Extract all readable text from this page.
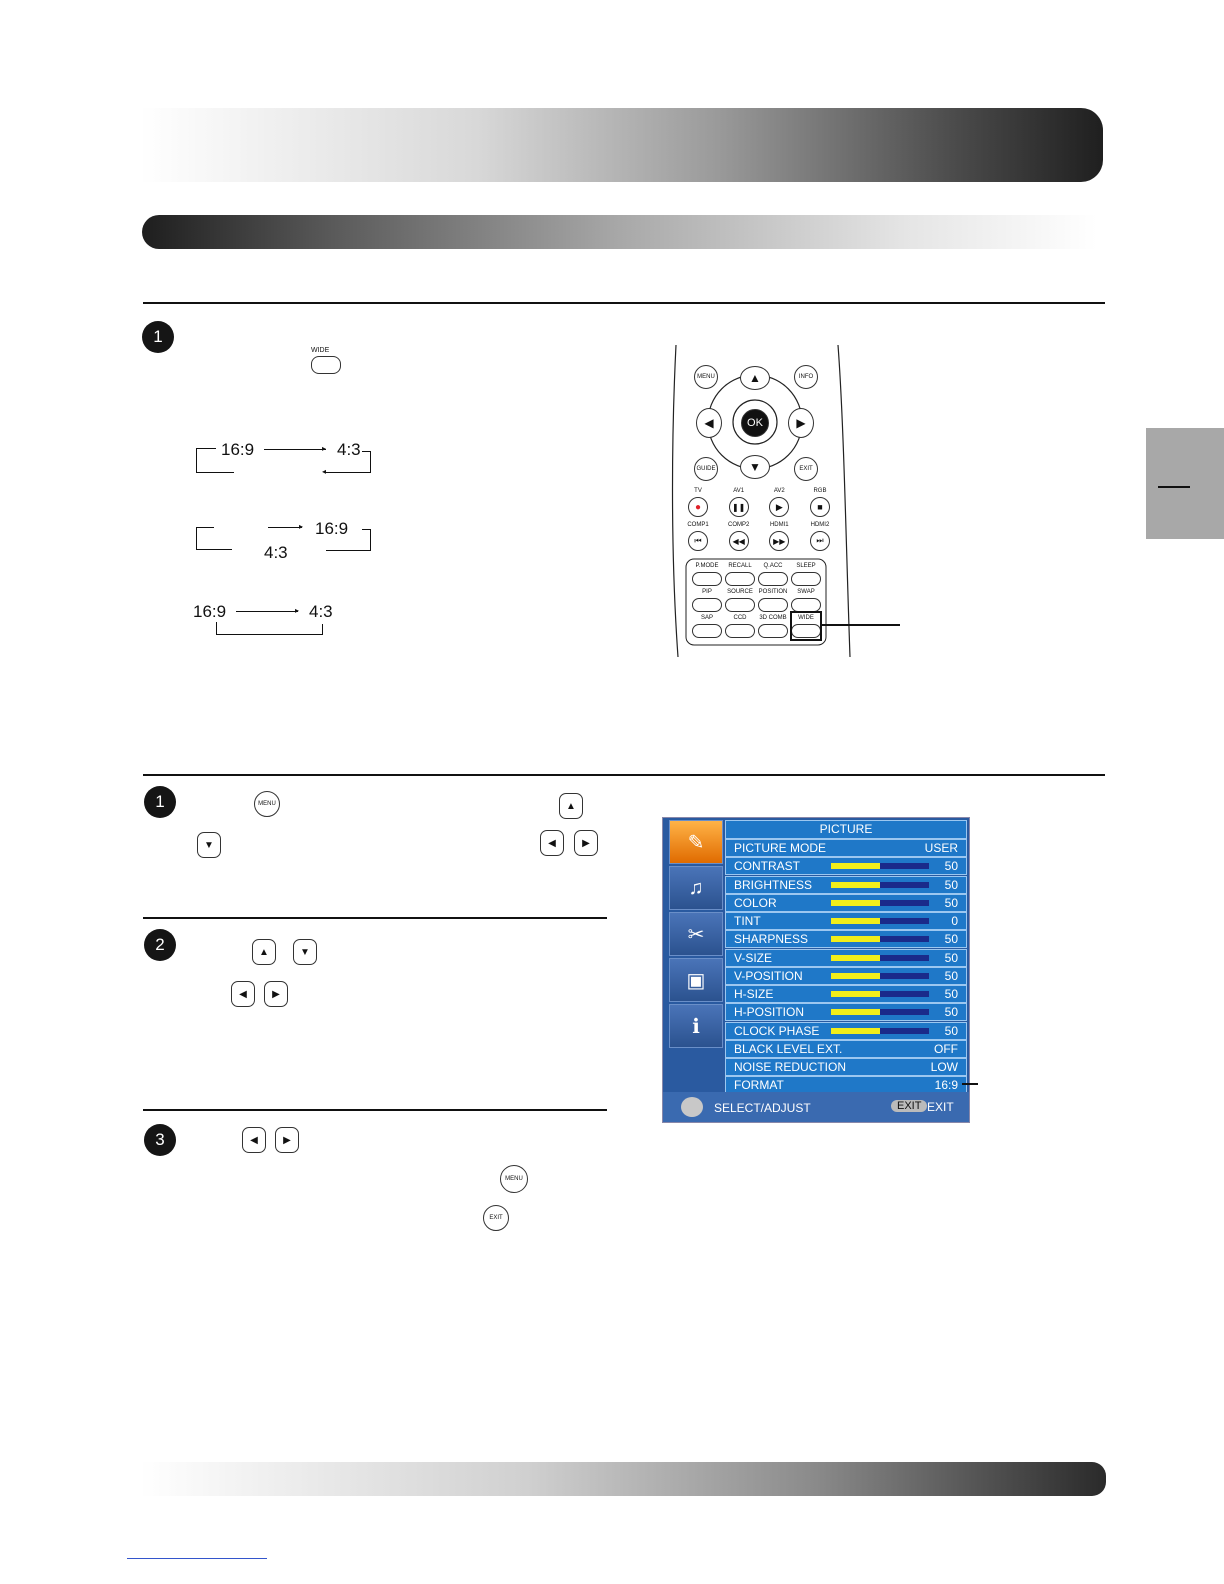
1
WIDE
16:9	▸ 4:3
◂
▸ 16:9
4:3
16:9	▸ 4:3
MENU	INFO
▲
▼
◀	▶
OK
GUIDE	EXIT
TV	AV1	AV2	RGB
●	❚❚	▶	■
COMP1	COMP2	HDMI1	HDMI2
⏮	◀◀	▶▶	⏭
P.MODE	RECALL	Q.ACC	SLEEP
PIP	SOURCE POSITION	SWAP
SAP	CCD	3D COMB	WIDE
1	MENU	▲
▼	◀	▶
2	▲	▼
◀	▶
3	◀	▶
MENU
EXIT
✎
♫
✂
▣
ℹ
PICTURE
PICTURE MODE	USER
CONTRAST	50
BRIGHTNESS	50
COLOR	50
TINT	0
SHARPNESS	50
V-SIZE	50
V-POSITION	50
H-SIZE	50
H-POSITION	50
CLOCK PHASE	50
BLACK LEVEL EXT.	OFF
NOISE REDUCTION	LOW
FORMAT	16:9
SELECT/ADJUST	EXIT EXIT
